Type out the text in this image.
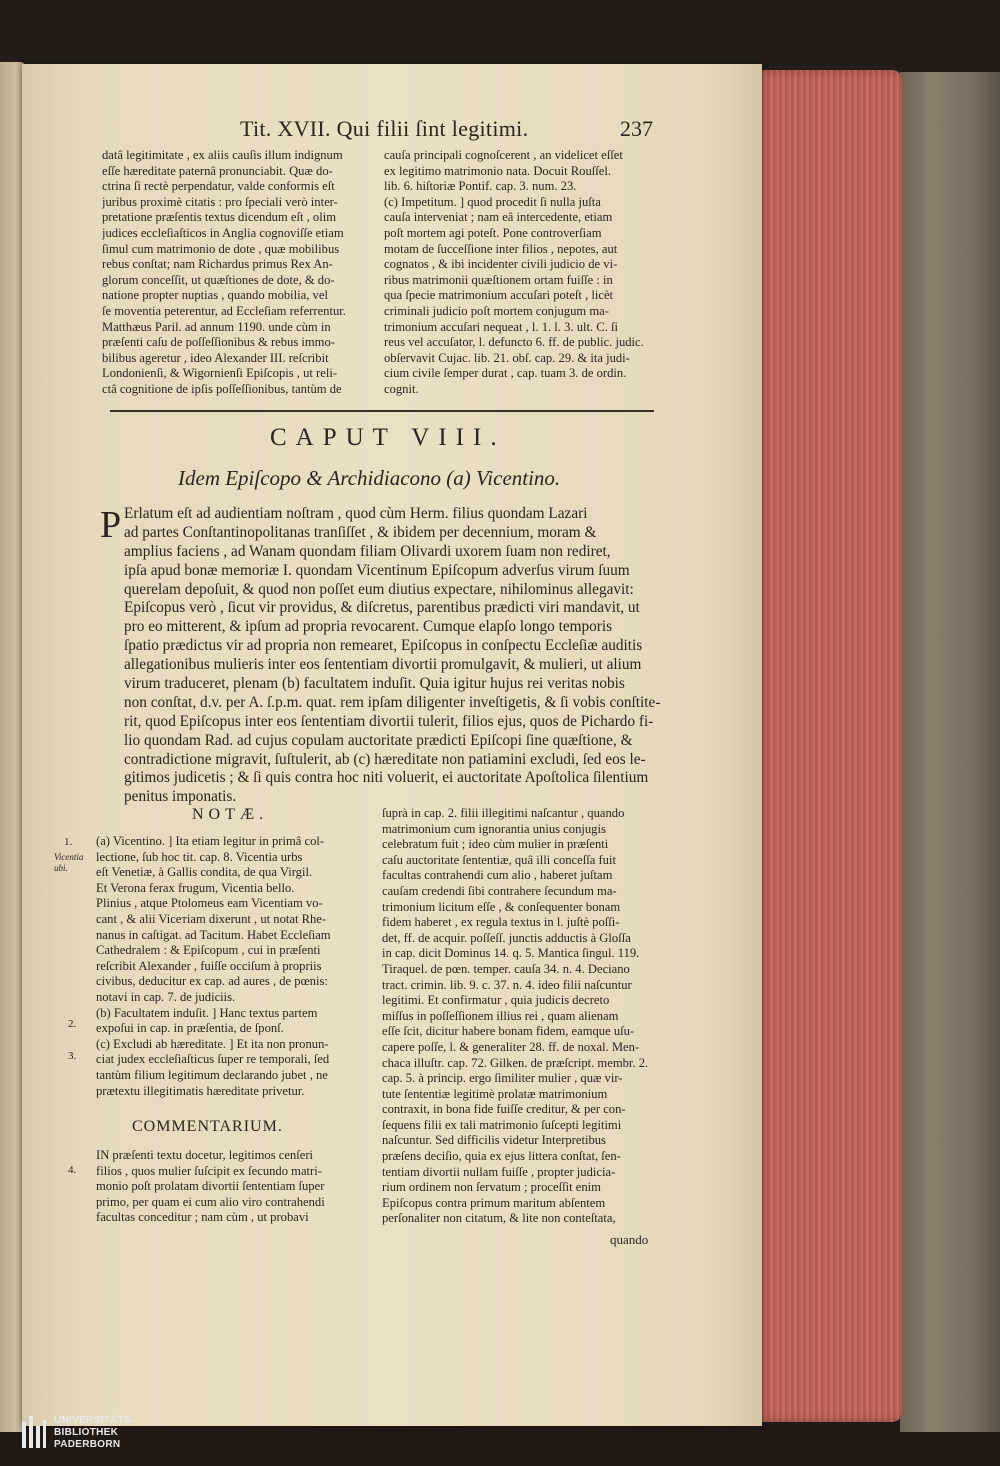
Tit. XVII. Qui filii ſint legitimi.	237
datâ legitimitate , ex aliis cauſis illum indignum
eſſe hæreditate paternâ pronunciabit. Quæ do-
ctrina ſi rectè perpendatur, valde conformis eſt
juribus proximè citatis : pro ſpeciali verò inter-
pretatione præſentis textus dicendum eſt , olim
judices eccleſiaſticos in Anglia cognoviſſe etiam
ſimul cum matrimonio de dote , quæ mobilibus
rebus conſtat; nam Richardus primus Rex An-
glorum conceſſit, ut quæſtiones de dote, & do-
natione propter nuptias , quando mobilia, vel
ſe moventia peterentur, ad Eccleſiam referrentur.
Matthæus Paril. ad annum 1190. unde cùm in
præſenti caſu de poſſeſſionibus & rebus immo-
bilibus ageretur , ideo Alexander III. reſcribit
Londonienſi, & Wigornienſi Epiſcopis , ut reli-
ctâ cognitione de ipſis poſſeſſionibus, tantùm de
cauſa principali cognoſcerent , an videlicet eſſet
ex legitimo matrimonio nata. Docuit Rouſſel.
lib. 6. hiſtoriæ Pontif. cap. 3. num. 23.
(c) Impetitum. ] quod procedit ſi nulla juſta
cauſa interveniat ; nam eâ intercedente, etiam
poſt mortem agi poteſt. Pone controverſiam
motam de ſucceſſione inter filios , nepotes, aut
cognatos , & ibi incidenter civili judicio de vi-
ribus matrimonii quæſtionem ortam fuiſſe : in
qua ſpecie matrimonium accuſari poteſt , licèt
criminali judicio poſt mortem conjugum ma-
trimonium accuſari nequeat , l. 1. l. 3. ult. C. ſi
reus vel accuſator, l. defuncto 6. ff. de public. judic.
obſervavit Cujac. lib. 21. obſ. cap. 29. & ita judi-
cium civile ſemper durat , cap. tuam 3. de ordin.
cognit.
CAPUT VIII.
Idem Epiſcopo & Archidiacono (a) Vicentino.
P Erlatum eſt ad audientiam noſtram , quod cùm Herm. filius quondam Lazari
ad partes Conſtantinopolitanas tranſiſſet , & ibidem per decennium, moram &
amplius faciens , ad Wanam quondam filiam Olivardi uxorem ſuam non rediret,
ipſa apud bonæ memoriæ I. quondam Vicentinum Epiſcopum adverſus virum ſuum
querelam depoſuit, & quod non poſſet eum diutius expectare, nihilominus allegavit:
Epiſcopus verò , ſicut vir providus, & diſcretus, parentibus prædicti viri mandavit, ut
pro eo mitterent, & ipſum ad propria revocarent. Cumque elapſo longo temporis
ſpatio prædictus vir ad propria non remearet, Epiſcopus in conſpectu Eccleſiæ auditis
allegationibus mulieris inter eos ſententiam divortii promulgavit, & mulieri, ut alium
virum traduceret, plenam (b) facultatem induſit. Quia igitur hujus rei veritas nobis
non conſtat, d.v. per A. ſ.p.m. quat. rem ipſam diligenter inveſtigetis, & ſi vobis conſtite-
rit, quod Epiſcopus inter eos ſententiam divortii tulerit, filios ejus, quos de Pichardo fi-
lio quondam Rad. ad cujus copulam auctoritate prædicti Epiſcopi ſine quæſtione, &
contradictione migravit, ſuſtulerit, ab (c) hæreditate non patiamini excludi, ſed eos le-
gitimos judicetis ; & ſi quis contra hoc niti voluerit, ei auctoritate Apoſtolica ſilentium
penitus imponatis.
NOTÆ.
(a) Vicentino. ] Ita etiam legitur in primâ col-
lectione, ſub hoc tit. cap. 8. Vicentia urbs
eſt Venetiæ, à Gallis condita, de qua Virgil.
Et Verona ferax frugum, Vicentia bello.
Plinius , atque Ptolomeus eam Vicentiam vo-
cant , & alii Viceтiam dixerunt , ut notat Rhe-
nanus in caſtigat. ad Tacitum. Habet Eccleſiam
Cathedralem : & Epiſcopum , cui in præſenti
reſcribit Alexander , fuiſſe occiſum à propriis
civibus, deducitur ex cap. ad aures , de pœnis:
notavi in cap. 7. de judiciis.
(b) Facultatem induſit. ] Hanc textus partem
expoſui in cap. in præſentia, de ſponſ.
(c) Excludi ab hæreditate. ] Et ita non pronun-
ciat judex eccleſiaſticus ſuper re temporali, ſed
tantùm filium legitimum declarando jubet , ne
prætextu illegitimatis hæreditate privetur.
COMMENTARIUM.
IN præſenti textu docetur, legitimos cenſeri
filios , quos mulier ſuſcipit ex ſecundo matri-
monio poſt prolatam divortii ſententiam ſuper
primo, per quam ei cum alio viro contrahendi
facultas conceditur ; nam cùm , ut probavi
ſuprà in cap. 2. filii illegitimi naſcantur , quando
matrimonium cum ignorantia unius conjugis
celebratum fuit ; ideo cùm mulier in præſenti
caſu auctoritate ſententiæ, quâ illi conceſſa fuit
facultas contrahendi cum alio , haberet juſtam
cauſam credendi ſibi contrahere ſecundum ma-
trimonium licitum eſſe , & conſequenter bonam
fidem haberet , ex regula textus in l. juſtè poſſi-
det, ff. de acquir. poſſeſſ. junctis adductis à Gloſſa
in cap. dicit Dominus 14. q. 5. Mantica ſingul. 119.
Tiraquel. de pœn. temper. cauſa 34. n. 4. Deciano
tract. crimin. lib. 9. c. 37. n. 4. ideo filii naſcuntur
legitimi. Et confirmatur , quia judicis decreto
miſſus in poſſeſſionem illius rei , quam alienam
eſſe ſcit, dicitur habere bonam fidem, eamque uſu-
capere poſſe, l. & generaliter 28. ff. de noxal. Men-
chaca illuſtr. cap. 72. Gilken. de præſcript. membr. 2.
cap. 5. à princip. ergo ſimiliter mulier , quæ vir-
tute ſententiæ legitimè prolatæ matrimonium
contraxit, in bona fide fuiſſe creditur, & per con-
ſequens filii ex tali matrimonio ſuſcepti legitimi
naſcuntur. Sed difficilis videtur Interpretibus
præſens deciſio, quia ex ejus littera conſtat, ſen-
tentiam divortii nullam fuiſſe , propter judicia-
rium ordinem non ſervatum ; proceſſit enim
Epiſcopus contra primum maritum abſentem
perſonaliter non citatum, & lite non conteſtata,
quando
1.
Vicentia ubi.
2.
3.
4.
UNIVERSITÄTS-
BIBLIOTHEK
PADERBORN
